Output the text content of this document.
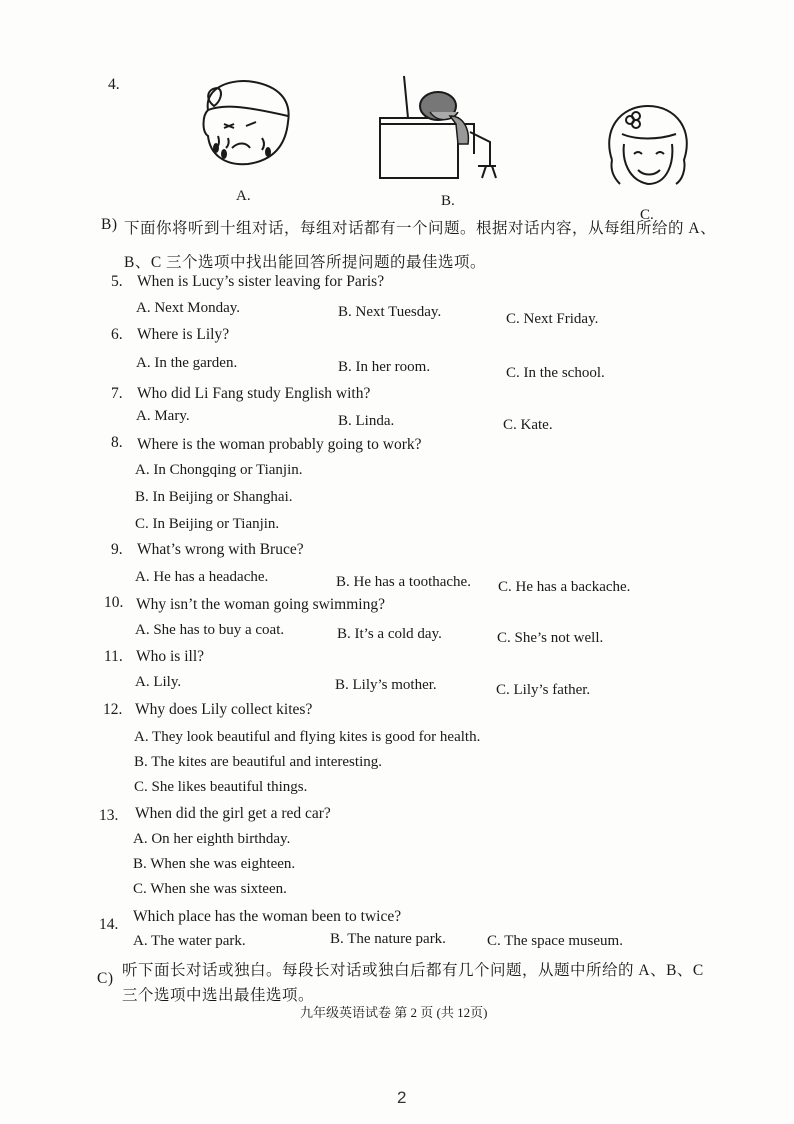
4.
A.	B.
C.
B) 下面你将听到十组对话，每组对话都有一个问题。根据对话内容，从每组所给的 A、
B、C 三个选项中找出能回答所提问题的最佳选项。
5. When is Lucy’s sister leaving for Paris?
A. Next Monday.	B. Next Tuesday.	C. Next Friday.
6. Where is Lily?
A. In the garden.	B. In her room.	C. In the school.
7. Who did Li Fang study English with?
A. Mary.	B. Linda.	C. Kate.
8. Where is the woman probably going to work?
A. In Chongqing or Tianjin.
B. In Beijing or Shanghai.
C. In Beijing or Tianjin.
9. What’s wrong with Bruce?
A. He has a headache.	B. He has a toothache. C. He has a backache.
10. Why isn’t the woman going swimming?
A. She has to buy a coat.	B. It’s a cold day.	C. She’s not well.
11. Who is ill?
A. Lily.	B. Lily’s mother.	C. Lily’s father.
12. Why does Lily collect kites?
A. They look beautiful and flying kites is good for health.
B. The kites are beautiful and interesting.
C. She likes beautiful things.
13. When did the girl get a red car?
A. On her eighth birthday.
B. When she was eighteen.
C. When she was sixteen.
14. Which place has the woman been to twice?
A. The water park.	B. The nature park.	C. The space museum.
C) 听下面长对话或独白。每段长对话或独白后都有几个问题，从题中所给的 A、B、C
三个选项中选出最佳选项。
九年级英语试卷 第 2 页 (共 12页)
2
